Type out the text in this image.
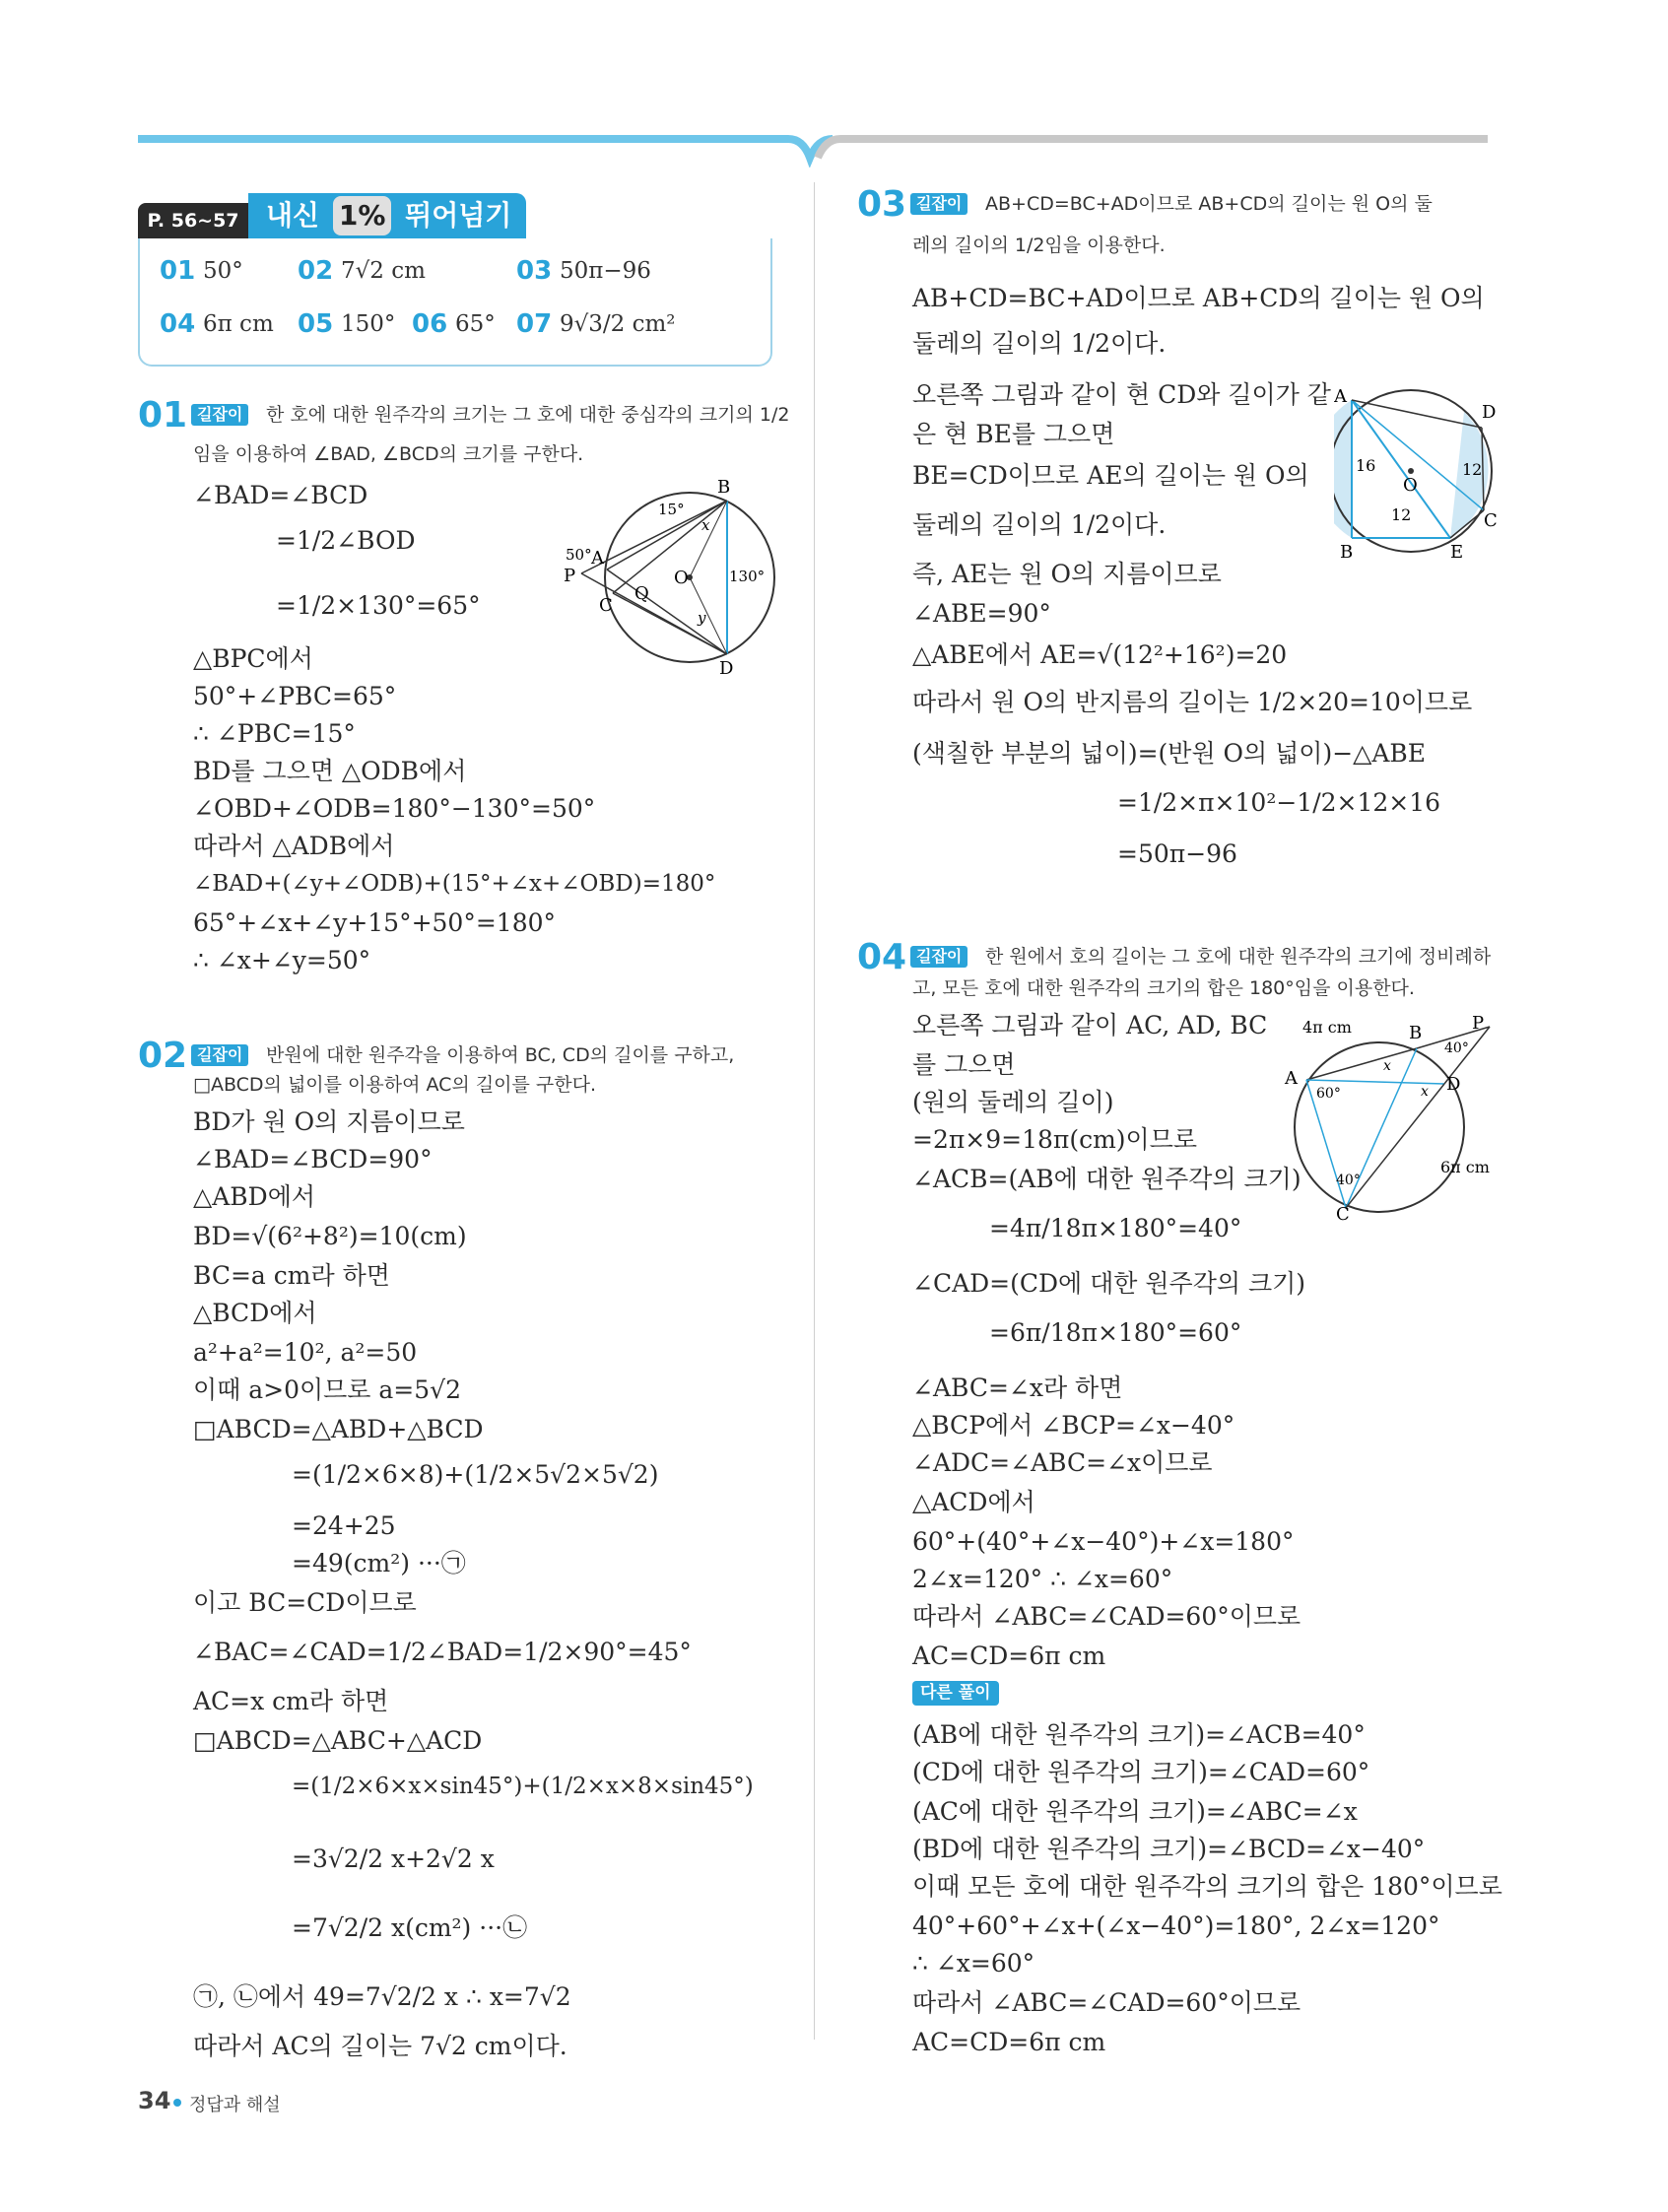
P. 56~57 내신 1% 뛰어넘기
01 50° 02 7√2 cm	03 50π−96
04 6π cm 05 150° 06 65° 07 9√3/2 cm²
01 길잡이	한 호에 대한 원주각의 크기는 그 호에 대한 중심각의 크기의 1/2
임을 이용하여 ∠BAD, ∠BCD의 크기를 구한다.
∠BAD=∠BCD
=1/2∠BOD
=1/2×130°=65°
△BPC에서
50°+∠PBC=65°
∴ ∠PBC=15°
BD를 그으면 △ODB에서
∠OBD+∠ODB=180°−130°=50°
따라서 △ADB에서
∠BAD+(∠y+∠ODB)+(15°+∠x+∠OBD)=180°
65°+∠x+∠y+15°+50°=180°
∴ ∠x+∠y=50°
B
A
P
C
Q
O
D
15°
50°
130°
x
y
02 길잡이	반원에 대한 원주각을 이용하여 BC, CD의 길이를 구하고,
□ABCD의 넓이를 이용하여 AC의 길이를 구한다.
BD가 원 O의 지름이므로
∠BAD=∠BCD=90°
△ABD에서
BD=√(6²+8²)=10(cm)
BC=a cm라 하면
△BCD에서
a²+a²=10², a²=50
이때 a>0이므로 a=5√2
□ABCD=△ABD+△BCD
=(1/2×6×8)+(1/2×5√2×5√2)
=24+25
=49(cm²) ···㉠
이고 BC=CD이므로
∠BAC=∠CAD=1/2∠BAD=1/2×90°=45°
AC=x cm라 하면
□ABCD=△ABC+△ACD
=(1/2×6×x×sin45°)+(1/2×x×8×sin45°)
=3√2/2 x+2√2 x
=7√2/2 x(cm²) ···㉡
㉠, ㉡에서 49=7√2/2 x ∴ x=7√2
따라서 AC의 길이는 7√2 cm이다.
03 길잡이	AB+CD=BC+AD이므로 AB+CD의 길이는 원 O의 둘
레의 길이의 1/2임을 이용한다.
AB+CD=BC+AD이므로 AB+CD의 길이는 원 O의
둘레의 길이의 1/2이다.
오른쪽 그림과 같이 현 CD와 길이가 같
은 현 BE를 그으면
BE=CD이므로 AE의 길이는 원 O의
둘레의 길이의 1/2이다.
즉, AE는 원 O의 지름이므로
∠ABE=90°
△ABE에서 AE=√(12²+16²)=20
따라서 원 O의 반지름의 길이는 1/2×20=10이므로
(색칠한 부분의 넓이)=(반원 O의 넓이)−△ABE
=1/2×π×10²−1/2×12×16
=50π−96
A
D
O
B	E
C
16	12
12
04 길잡이	한 원에서 호의 길이는 그 호에 대한 원주각의 크기에 정비례하
고, 모든 호에 대한 원주각의 크기의 합은 180°임을 이용한다.
오른쪽 그림과 같이 AC, AD, BC
를 그으면
(원의 둘레의 길이)
=2π×9=18π(cm)이므로
∠ACB=(AB에 대한 원주각의 크기)
=4π/18π×180°=40°
∠CAD=(CD에 대한 원주각의 크기)
=6π/18π×180°=60°
∠ABC=∠x라 하면
△BCP에서 ∠BCP=∠x−40°
∠ADC=∠ABC=∠x이므로
△ACD에서
60°+(40°+∠x−40°)+∠x=180°
2∠x=120° ∴ ∠x=60°
따라서 ∠ABC=∠CAD=60°이므로
AC=CD=6π cm
다른 풀이
(AB에 대한 원주각의 크기)=∠ACB=40°
(CD에 대한 원주각의 크기)=∠CAD=60°
(AC에 대한 원주각의 크기)=∠ABC=∠x
(BD에 대한 원주각의 크기)=∠BCD=∠x−40°
이때 모든 호에 대한 원주각의 크기의 합은 180°이므로
40°+60°+∠x+(∠x−40°)=180°, 2∠x=120°
∴ ∠x=60°
따라서 ∠ABC=∠CAD=60°이므로
AC=CD=6π cm
4π cm	B	P
40°
A
60°
x
x D
40°
C
6π cm
34 정답과 해설
